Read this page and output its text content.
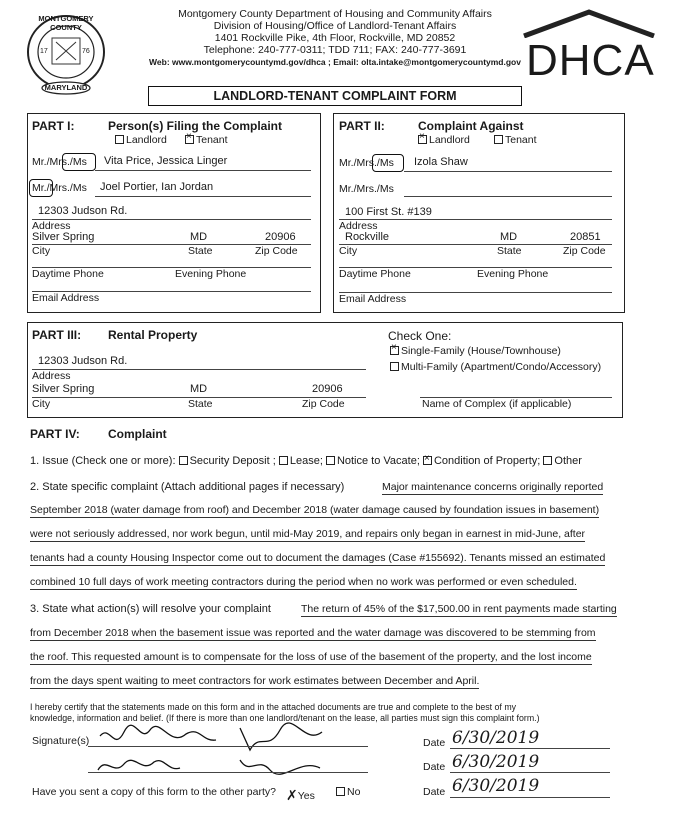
MONTGOMERY COUNTY
17	76
MARYLAND
Montgomery County Department of Housing and Community Affairs
Division of Housing/Office of Landlord-Tenant Affairs
1401 Rockville Pike, 4th Floor, Rockville, MD 20852
Telephone: 240-777-0311; TDD 711; FAX: 240-777-3691
Web: www.montgomerycountymd.gov/dhca ; Email: olta.intake@montgomerycountymd.gov DHCA
LANDLORD-TENANT COMPLAINT FORM
PART I:	Person(s) Filing the Complaint
Landlord ×	Tenant
Mr./Mrs./Ms Vita Price, Jessica Linger
Mr./Mrs./Ms Joel Portier, Ian Jordan
12303 Judson Rd.
Address
Silver Spring	MD	20906
City	State	Zip Code
Daytime Phone	Evening Phone
Email Address
PART II:	Complaint Against
×Landlord	Tenant
Mr./Mrs./Ms Izola Shaw
Mr./Mrs./Ms
100 First St. #139
Address
Rockville	MD	20851
City	State	Zip Code
Daytime Phone	Evening Phone
Email Address
PART III: Rental Property
12303 Judson Rd.
Address
Silver Spring	MD	20906
City	State	Zip Code
Check One:
×Single-Family (House/Townhouse)
Multi-Family (Apartment/Condo/Accessory)
Name of Complex (if applicable)
PART IV: Complaint
1. Issue (Check one or more): Security Deposit ; Lease; Notice to Vacate; × Condition of Property; Other
2. State specific complaint (Attach additional pages if necessary)	Major maintenance concerns originally reported
September 2018 (water damage from roof) and December 2018 (water damage caused by foundation issues in basement)
were not seriously addressed, nor work begun, until mid-May 2019, and repairs only began in earnest in mid-June, after
tenants had a county Housing Inspector come out to document the damages (Case #155692). Tenants missed an estimated
combined 10 full days of work meeting contractors during the period when no work was performed or even scheduled.
3. State what action(s) will resolve your complaint	The return of 45% of the $17,500.00 in rent payments made starting
from December 2018 when the basement issue was reported and the water damage was discovered to be stemming from
the roof. This requested amount is to compensate for the loss of use of the basement of the property, and the lost income
from the days spent waiting to meet contractors for work estimates between December and April.
I hereby certify that the statements made on this form and in the attached documents are true and complete to the best of my
knowledge, information and belief. (If there is more than one landlord/tenant on the lease, all parties must sign this complaint form.)
Signature(s)	Date 6/30/2019
Date 6/30/2019
Date 6/30/2019
Have you sent a copy of this form to the other party? ✗Yes	No
